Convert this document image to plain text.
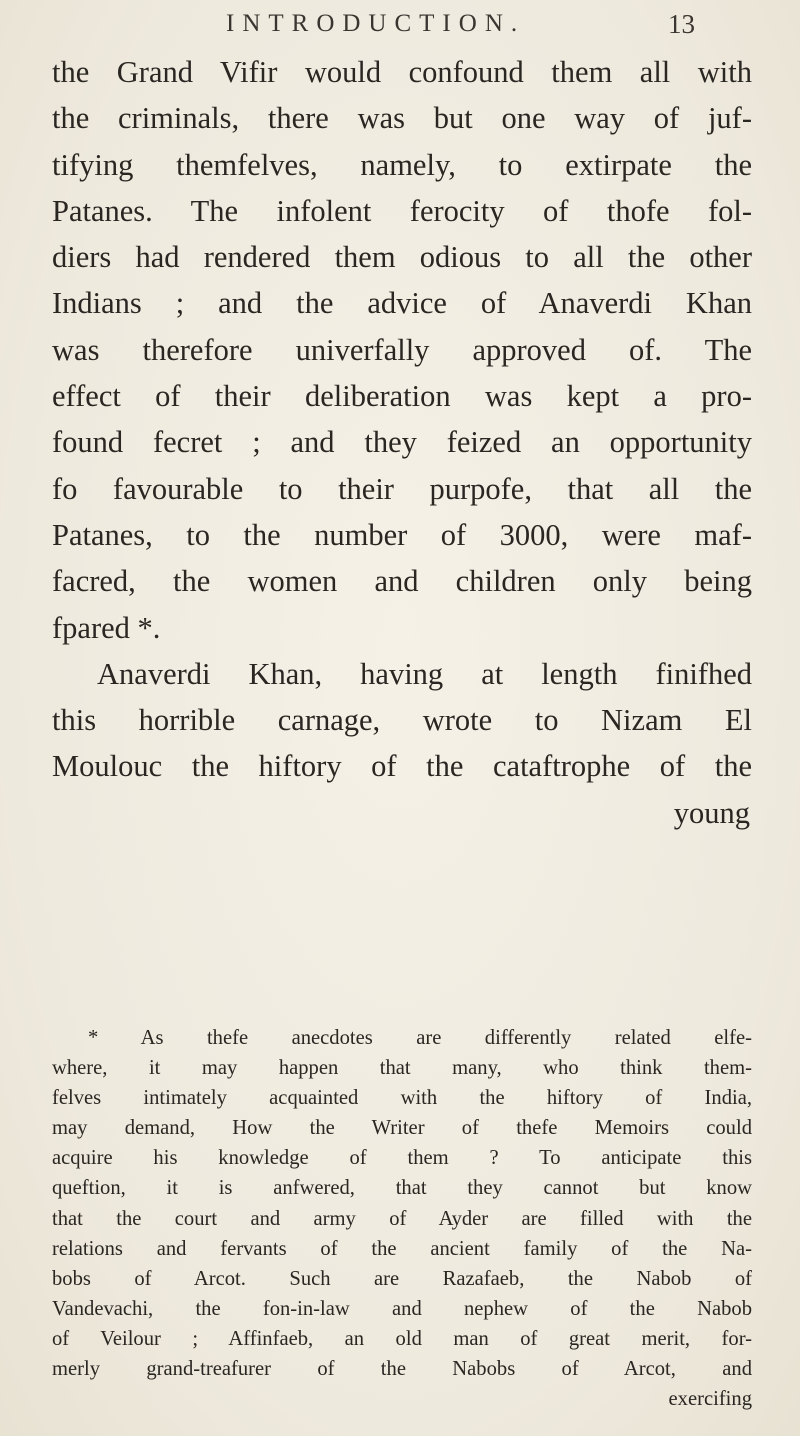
INTRODUCTION.	13
the Grand Vifir would confound them all with
the criminals, there was but one way of juf-
tifying themfelves, namely, to extirpate the
Patanes. The infolent ferocity of thofe fol-
diers had rendered them odious to all the other
Indians ; and the advice of Anaverdi Khan
was therefore univerfally approved of. The
effect of their deliberation was kept a pro-
found fecret ; and they feized an opportunity
fo favourable to their purpofe, that all the
Patanes, to the number of 3000, were maf-
facred, the women and children only being
fpared *.
Anaverdi Khan, having at length finifhed
this horrible carnage, wrote to Nizam El
Moulouc the hiftory of the cataftrophe of the
young
* As thefe anecdotes are differently related elfe-
where, it may happen that many, who think them-
felves intimately acquainted with the hiftory of India,
may demand, How the Writer of thefe Memoirs could
acquire his knowledge of them ? To anticipate this
queftion, it is anfwered, that they cannot but know
that the court and army of Ayder are filled with the
relations and fervants of the ancient family of the Na-
bobs of Arcot. Such are Razafaeb, the Nabob of
Vandevachi, the fon-in-law and nephew of the Nabob
of Veilour ; Affinfaeb, an old man of great merit, for-
merly grand-treafurer of the Nabobs of Arcot, and
exercifing
